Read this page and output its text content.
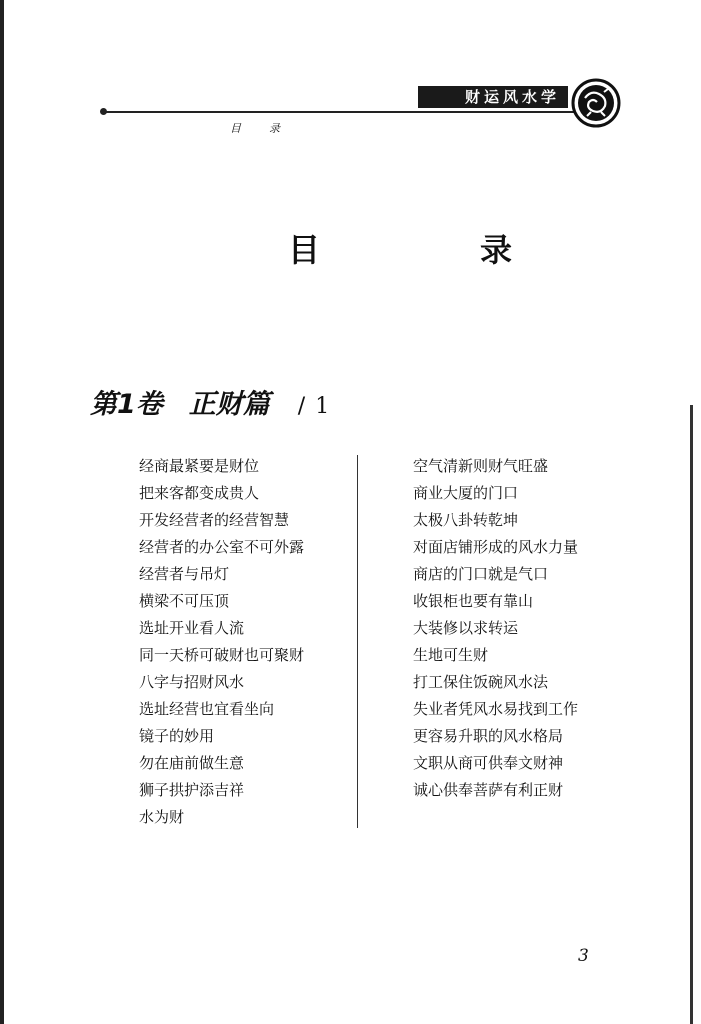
财运风水学
目录
目　录
第1卷 正财篇 / 1
经商最紧要是财位
把来客都变成贵人
开发经营者的经营智慧
经营者的办公室不可外露
经营者与吊灯
横梁不可压顶
选址开业看人流
同一天桥可破财也可聚财
八字与招财风水
选址经营也宜看坐向
镜子的妙用
勿在庙前做生意
狮子拱护添吉祥
水为财
空气清新则财气旺盛
商业大厦的门口
太极八卦转乾坤
对面店铺形成的风水力量
商店的门口就是气口
收银柜也要有靠山
大装修以求转运
生地可生财
打工保住饭碗风水法
失业者凭风水易找到工作
更容易升职的风水格局
文职从商可供奉文财神
诚心供奉菩萨有利正财
3
